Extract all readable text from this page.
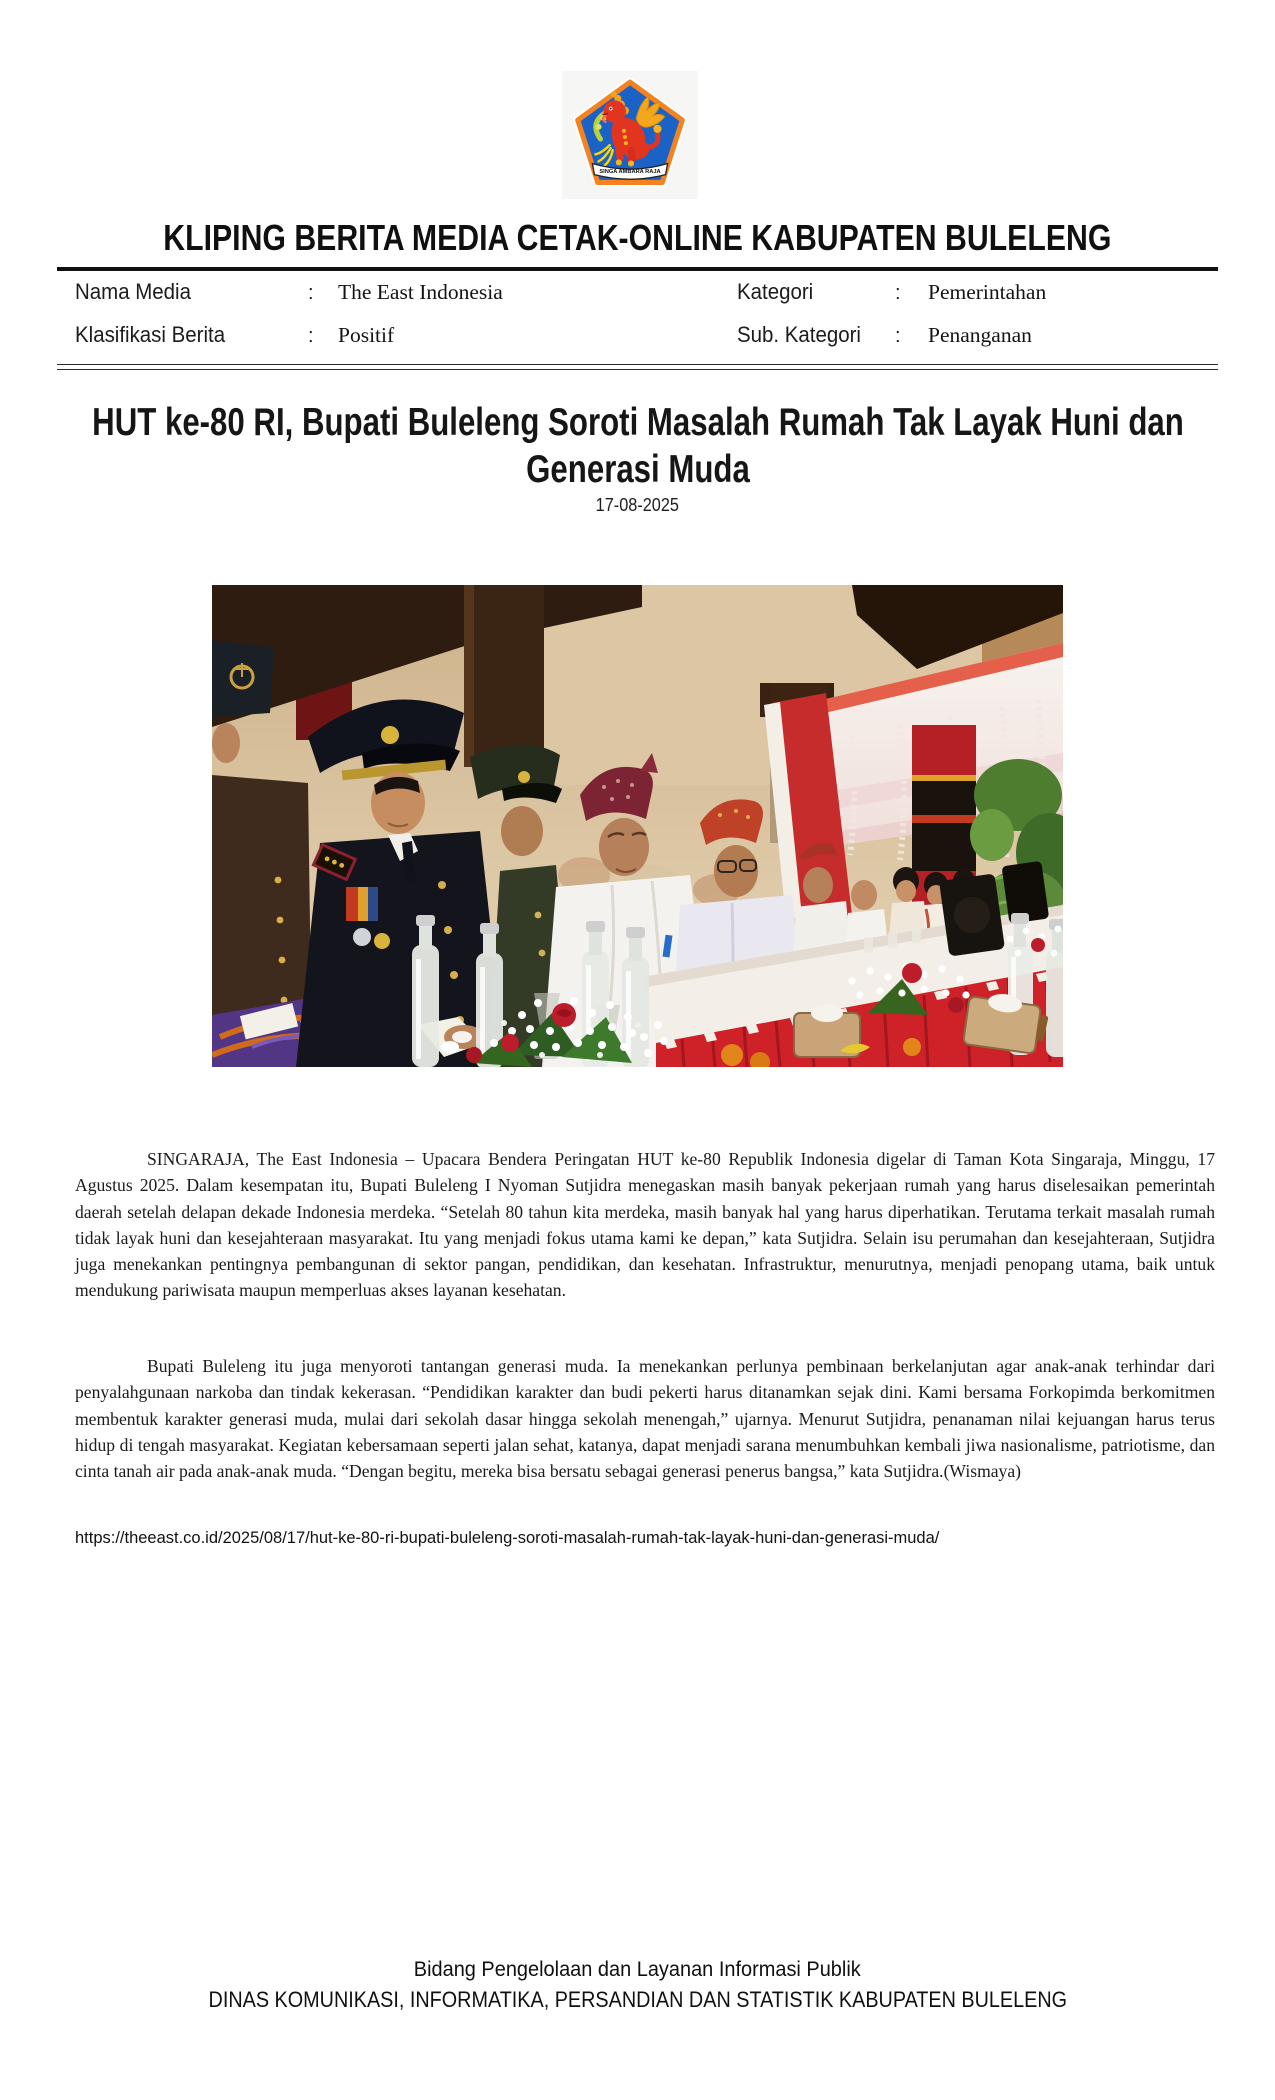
SINGA AMBARA RAJA
KLIPING BERITA MEDIA CETAK-ONLINE KABUPATEN BULELENG
Nama Media	:	The East Indonesia	Kategori	:	Pemerintahan
Klasifikasi Berita	:	Positif	Sub. Kategori	:	Penanganan
HUT ke-80 RI, Bupati Buleleng Soroti Masalah Rumah Tak Layak Huni dan Generasi Muda
17-08-2025

SINGARAJA, The East Indonesia – Upacara Bendera Peringatan HUT ke-80 Republik Indonesia digelar di Taman Kota Singaraja, Minggu, 17 Agustus 2025. Dalam kesempatan itu, Bupati Buleleng I Nyoman Sutjidra menegaskan masih banyak pekerjaan rumah yang harus diselesaikan pemerintah daerah setelah delapan dekade Indonesia merdeka. “Setelah 80 tahun kita merdeka, masih banyak hal yang harus diperhatikan. Terutama terkait masalah rumah tidak layak huni dan kesejahteraan masyarakat. Itu yang menjadi fokus utama kami ke depan,” kata Sutjidra. Selain isu perumahan dan kesejahteraan, Sutjidra juga menekankan pentingnya pembangunan di sektor pangan, pendidikan, dan kesehatan. Infrastruktur, menurutnya, menjadi penopang utama, baik untuk mendukung pariwisata maupun memperluas akses layanan kesehatan.

Bupati Buleleng itu juga menyoroti tantangan generasi muda. Ia menekankan perlunya pembinaan berkelanjutan agar anak-anak terhindar dari penyalahgunaan narkoba dan tindak kekerasan. “Pendidikan karakter dan budi pekerti harus ditanamkan sejak dini. Kami bersama Forkopimda berkomitmen membentuk karakter generasi muda, mulai dari sekolah dasar hingga sekolah menengah,” ujarnya. Menurut Sutjidra, penanaman nilai kejuangan harus terus hidup di tengah masyarakat. Kegiatan kebersamaan seperti jalan sehat, katanya, dapat menjadi sarana menumbuhkan kembali jiwa nasionalisme, patriotisme, dan cinta tanah air pada anak-anak muda. “Dengan begitu, mereka bisa bersatu sebagai generasi penerus bangsa,” kata Sutjidra.(Wismaya)

https://theeast.co.id/2025/08/17/hut-ke-80-ri-bupati-buleleng-soroti-masalah-rumah-tak-layak-huni-dan-generasi-muda/
Bidang Pengelolaan dan Layanan Informasi Publik
DINAS KOMUNIKASI, INFORMATIKA, PERSANDIAN DAN STATISTIK KABUPATEN BULELENG
